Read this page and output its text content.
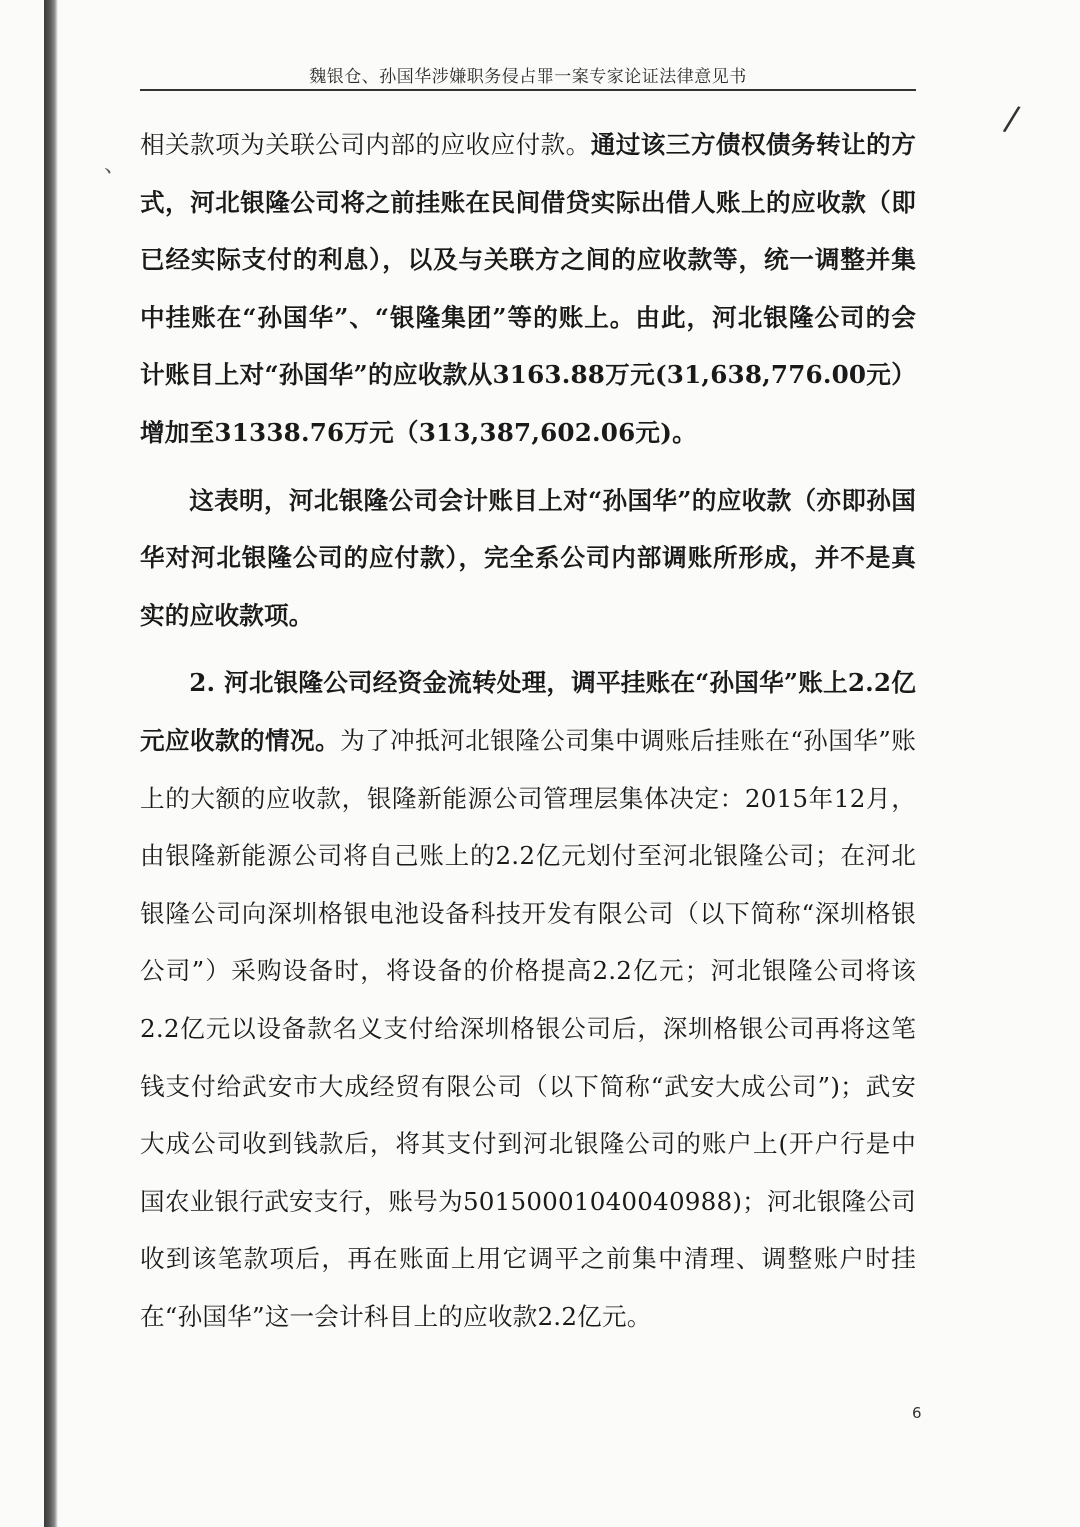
魏银仓、孙国华涉嫌职务侵占罪一案专家论证法律意见书
/
、

相关款项为关联公司内部的应收应付款。通过该三方债权债务转让的方式，河北银隆公司将之前挂账在民间借贷实际出借人账上的应收款（即已经实际支付的利息），以及与关联方之间的应收款等，统一调整并集中挂账在“孙国华”、“银隆集团”等的账上。由此，河北银隆公司的会计账目上对“孙国华”的应收款从3163.88万元(31,638,776.00元）增加至31338.76万元（313,387,602.06元)。

这表明，河北银隆公司会计账目上对“孙国华”的应收款（亦即孙国华对河北银隆公司的应付款），完全系公司内部调账所形成，并不是真实的应收款项。

2. 河北银隆公司经资金流转处理，调平挂账在“孙国华”账上2.2亿元应收款的情况。为了冲抵河北银隆公司集中调账后挂账在“孙国华”账上的大额的应收款，银隆新能源公司管理层集体决定：2015年12月，由银隆新能源公司将自己账上的2.2亿元划付至河北银隆公司；在河北银隆公司向深圳格银电池设备科技开发有限公司（以下简称“深圳格银公司”）采购设备时，将设备的价格提高2.2亿元；河北银隆公司将该2.2亿元以设备款名义支付给深圳格银公司后，深圳格银公司再将这笔钱支付给武安市大成经贸有限公司（以下简称“武安大成公司”)；武安大成公司收到钱款后，将其支付到河北银隆公司的账户上(开户行是中国农业银行武安支行，账号为50150001040040988)；河北银隆公司收到该笔款项后，再在账面上用它调平之前集中清理、调整账户时挂在“孙国华”这一会计科目上的应收款2.2亿元。

6
